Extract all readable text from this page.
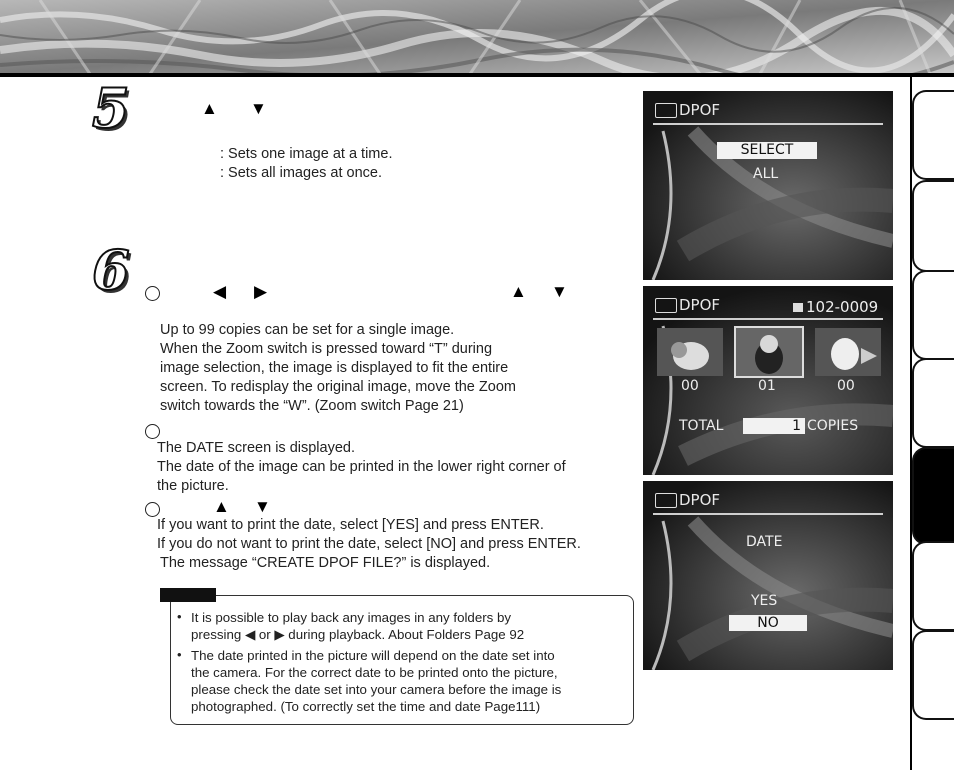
5	▲ ▼
: Sets one image at a time.
: Sets all images at once.
6	◀ ▶	▲ ▼
Up to 99 copies can be set for a single image.
When the Zoom switch is pressed toward “T” during
image selection, the image is displayed to fit the entire
screen. To redisplay the original image, move the Zoom
switch towards the “W”. (Zoom switch Page 21)
The DATE screen is displayed.
The date of the image can be printed in the lower right corner of
the picture.
▲ ▼
If you want to print the date, select [YES] and press ENTER.
If you do not want to print the date, select [NO] and press ENTER.
The message “CREATE DPOF FILE?” is displayed.
• It is possible to play back any images in any folders by
pressing ◀ or ▶ during playback. About Folders Page 92
• The date printed in the picture will depend on the date set into
the camera. For the correct date to be printed onto the picture,
please check the date set into your camera before the image is
photographed. (To correctly set the time and date Page111)
DPOF
SELECT
ALL
DPOF	102-0009
00	01	00
TOTAL	1 COPIES
DPOF
DATE
YES
NO
